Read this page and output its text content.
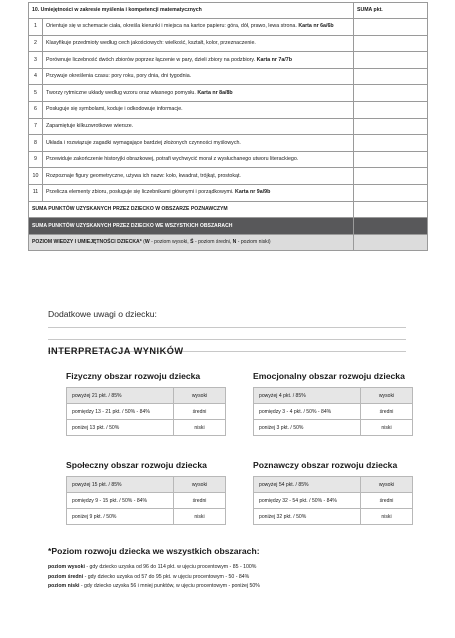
10. Umiejętności w zakresie myślenia i kompetencji matematycznych		SUMA pkt.
1	Orientuje się w schemacie ciała, określa kierunki i miejsca na kartce papieru: góra, dół, prawo, lewa strona. Karta nr 6a/6b	
2	Klasyfikuje przedmioty według cech jakościowych: wielkość, kształt, kolor, przeznaczenie.	
3	Porównuje liczebność dwóch zbiorów poprzez łączenie w pary, dzieli zbiory na podzbiory. Karta nr 7a/7b	
4	Przywuje określenia czasu: pory roku, pory dnia, dni tygodnia.	
5	Tworzy rytmiczne układy według wzoru oraz własnego pomysłu. Karta nr 8a/8b	
6	Posługuje się symbolami, koduje i odkodowuje informacje.	
7	Zapamiętuje kilkuzwrotkowe wiersze.	
8	Układa i rozwiązuje zagadki wymagające bardziej złożonych czynności myślowych.	
9	Przewiduje zakończenie historyjki obrazkowej, potrafi wychwycić morał z wysłuchanego utworu literackiego.	
10	Rozpoznaje figury geometryczne, używa ich nazw: koło, kwadrat, trójkąt, prostokąt.	
11	Przelicza elementy zbioru, posługuje się liczebnikami głównymi i porządkowymi. Karta nr 9a/9b	
SUMA PUNKTÓW UZYSKANYCH PRZEZ DZIECKO W OBSZARZE POZNAWCZYM		
SUMA PUNKTÓW UZYSKANYCH PRZEZ DZIECKO WE WSZYSTKICH OBSZARACH		
POZIOM WIEDZY I UMIEJĘTNOŚCI DZIECKA* (W - poziom wysoki, Ś - poziom średni, N - poziom niski)		
Dodatkowe uwagi o dziecku:
INTERPRETACJA WYNIKÓW
Fizyczny obszar rozwoju dziecka
powyżej 21 pkt. / 85%	wysoki
pomiędzy 13 - 21 pkt. / 50% - 84%	średni
poniżej 13 pkt. / 50%	niski
Emocjonalny obszar rozwoju dziecka
powyżej 4 pkt. / 85%	wysoki
pomiędzy 3 - 4 pkt. / 50% - 84%	średni
poniżej 3 pkt. / 50%	niski
Społeczny obszar rozwoju dziecka
powyżej 15 pkt. / 85%	wysoki
pomiędzy 9 - 15 pkt. / 50% - 84%	średni
poniżej 9 pkt. / 50%	niski
Poznawczy obszar rozwoju dziecka
powyżej 54 pkt. / 85%	wysoki
pomiędzy 32 - 54 pkt. / 50% - 84%	średni
poniżej 32 pkt. / 50%	niski
*Poziom rozwoju dziecka we wszystkich obszarach:
poziom wysoki - gdy dziecko uzyska od 96 do 114 pkt. w ujęciu procentowym - 85 - 100%
poziom średni - gdy dziecko uzyska od 57 do 95 pkt. w ujęciu procentowym - 50 - 84%
poziom niski - gdy dziecko uzyska 56 i mniej punktów, w ujęciu procentowym - poniżej 50%
